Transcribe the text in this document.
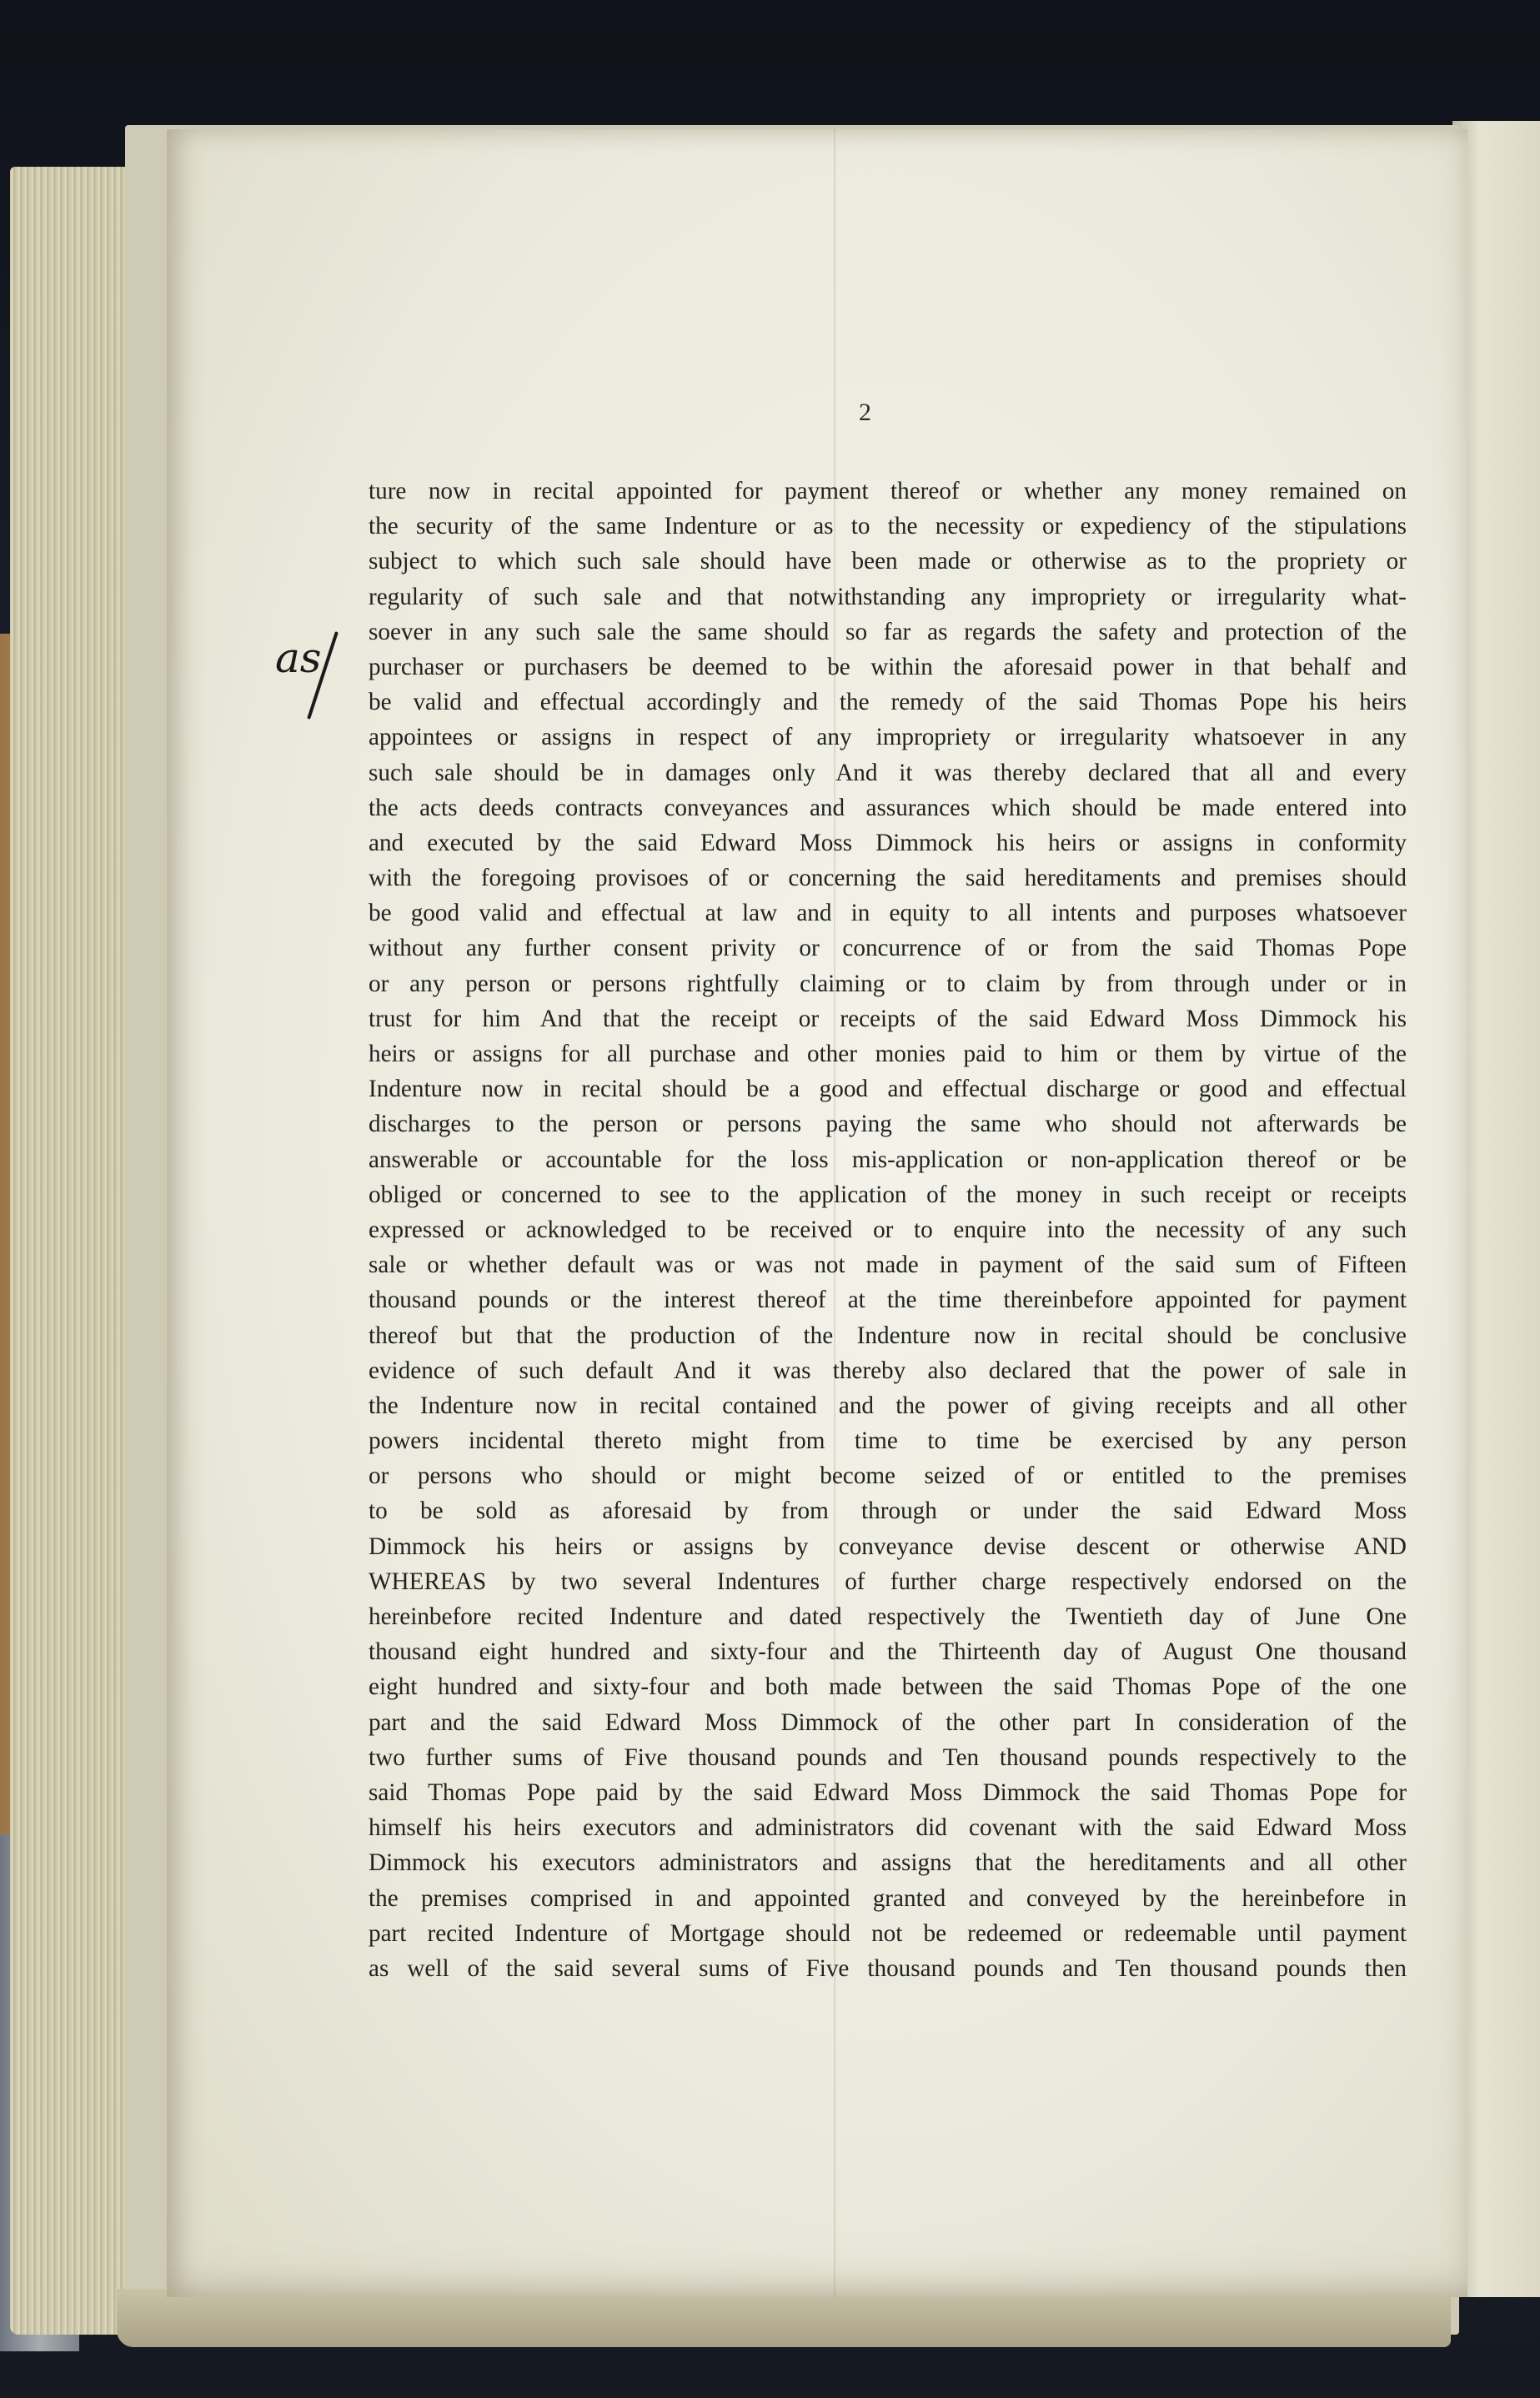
2
as
ture now in recital appointed for payment thereof or whether any money remained on
the security of the same Indenture or as to the necessity or expediency of the stipulations
subject to which such sale should have been made or otherwise as to the propriety or
regularity of such sale and that notwithstanding any impropriety or irregularity what-
soever in any such sale the same should so far as regards the safety and protection of the
purchaser or purchasers be deemed to be within the aforesaid power in that behalf and
be valid and effectual accordingly and the remedy of the said Thomas Pope his heirs
appointees or assigns in respect of any impropriety or irregularity whatsoever in any
such sale should be in damages only And it was thereby declared that all and every
the acts deeds contracts conveyances and assurances which should be made entered into
and executed by the said Edward Moss Dimmock his heirs or assigns in conformity
with the foregoing provisoes of or concerning the said hereditaments and premises should
be good valid and effectual at law and in equity to all intents and purposes whatsoever
without any further consent privity or concurrence of or from the said Thomas Pope
or any person or persons rightfully claiming or to claim by from through under or in
trust for him And that the receipt or receipts of the said Edward Moss Dimmock his
heirs or assigns for all purchase and other monies paid to him or them by virtue of the
Indenture now in recital should be a good and effectual discharge or good and effectual
discharges to the person or persons paying the same who should not afterwards be
answerable or accountable for the loss mis-application or non-application thereof or be
obliged or concerned to see to the application of the money in such receipt or receipts
expressed or acknowledged to be received or to enquire into the necessity of any such
sale or whether default was or was not made in payment of the said sum of Fifteen
thousand pounds or the interest thereof at the time thereinbefore appointed for payment
thereof but that the production of the Indenture now in recital should be conclusive
evidence of such default And it was thereby also declared that the power of sale in
the Indenture now in recital contained and the power of giving receipts and all other
powers incidental thereto might from time to time be exercised by any person
or persons who should or might become seized of or entitled to the premises
to be sold as aforesaid by from through or under the said Edward Moss
Dimmock his heirs or assigns by conveyance devise descent or otherwise AND
WHEREAS by two several Indentures of further charge respectively endorsed on the
hereinbefore recited Indenture and dated respectively the Twentieth day of June One
thousand eight hundred and sixty-four and the Thirteenth day of August One thousand
eight hundred and sixty-four and both made between the said Thomas Pope of the one
part and the said Edward Moss Dimmock of the other part In consideration of the
two further sums of Five thousand pounds and Ten thousand pounds respectively to the
said Thomas Pope paid by the said Edward Moss Dimmock the said Thomas Pope for
himself his heirs executors and administrators did covenant with the said Edward Moss
Dimmock his executors administrators and assigns that the hereditaments and all other
the premises comprised in and appointed granted and conveyed by the hereinbefore in
part recited Indenture of Mortgage should not be redeemed or redeemable until payment
as well of the said several sums of Five thousand pounds and Ten thousand pounds then
